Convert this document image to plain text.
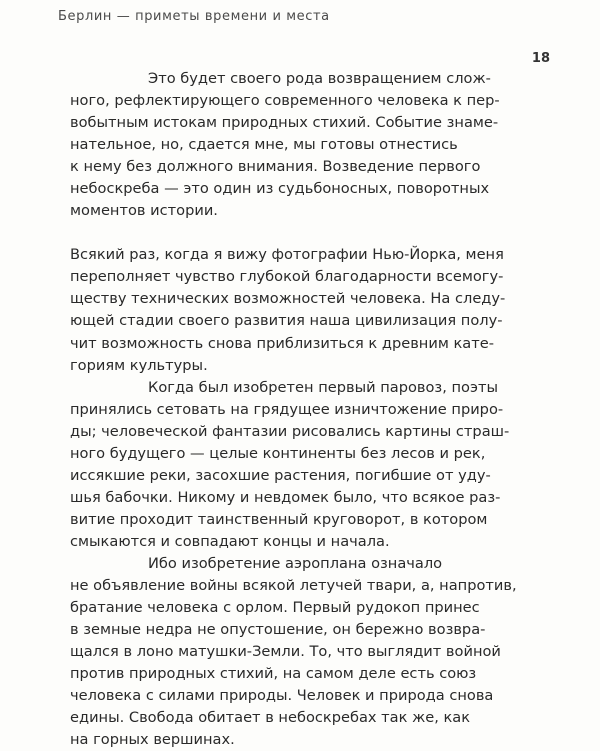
Берлин — приметы времени и места
18
Это будет своего рода возвращением слож-
ного, рефлектирующего современного человека к пер-
вобытным истокам природных стихий. Событие знаме-
нательное, но, сдается мне, мы готовы отнестись
к нему без должного внимания. Возведение первого
небоскреба — это один из судьбоносных, поворотных
моментов истории.
Всякий раз, когда я вижу фотографии Нью-Йорка, меня
переполняет чувство глубокой благодарности всемогу-
ществу технических возможностей человека. На следу-
ющей стадии своего развития наша цивилизация полу-
чит возможность снова приблизиться к древним кате-
гориям культуры.
Когда был изобретен первый паровоз, поэты
принялись сетовать на грядущее изничтожение приро-
ды; человеческой фантазии рисовались картины страш-
ного будущего — целые континенты без лесов и рек,
иссякшие реки, засохшие растения, погибшие от уду-
шья бабочки. Никому и невдомек было, что всякое раз-
витие проходит таинственный круговорот, в котором
смыкаются и совпадают концы и начала.
Ибо изобретение аэроплана означало
не объявление войны всякой летучей твари, а, напротив,
братание человека с орлом. Первый рудокоп принес
в земные недра не опустошение, он бережно возвра-
щался в лоно матушки-Земли. То, что выглядит войной
против природных стихий, на самом деле есть союз
человека с силами природы. Человек и природа снова
едины. Свобода обитает в небоскребах так же, как
на горных вершинах.
